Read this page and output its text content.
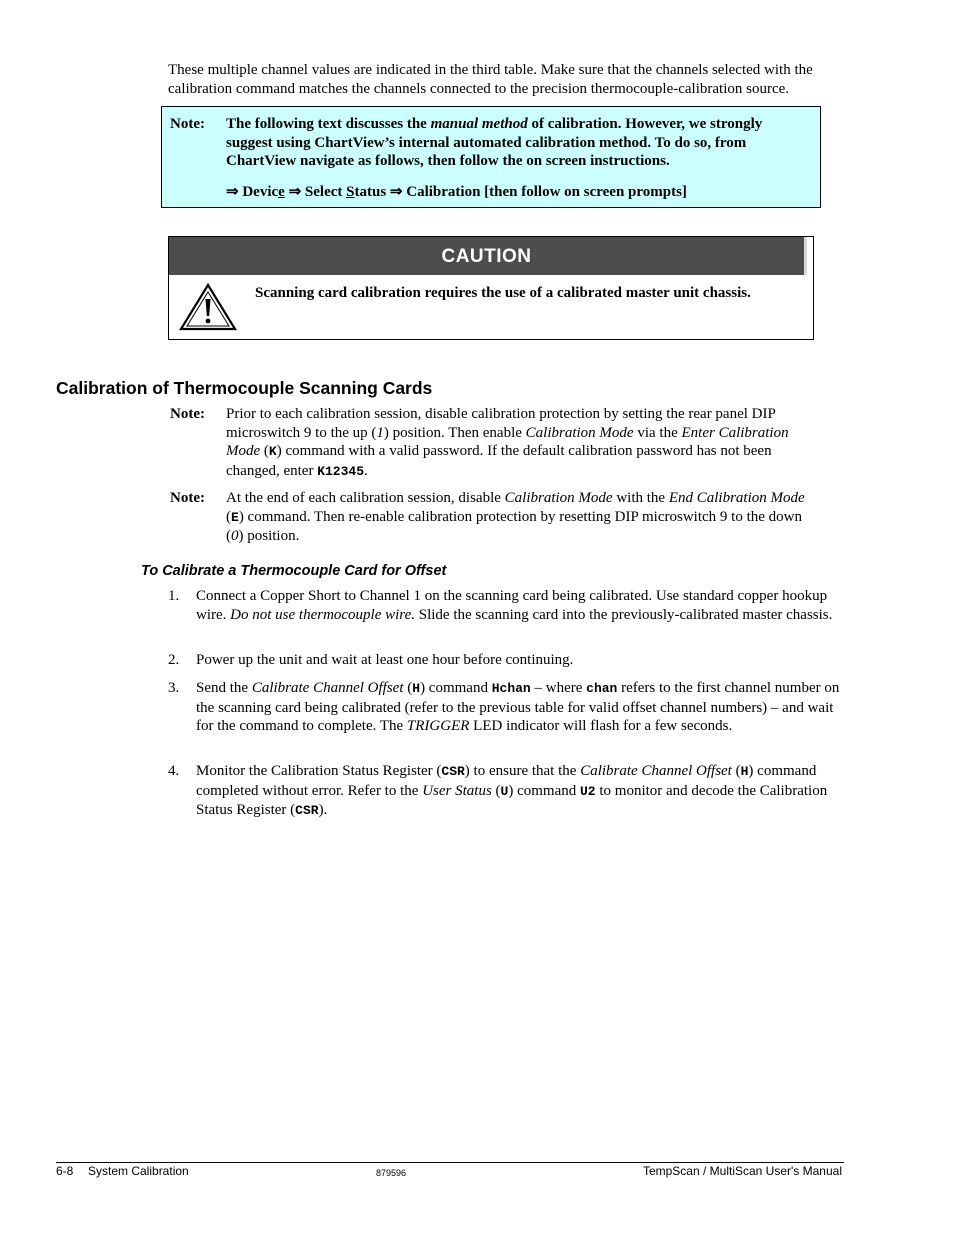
These multiple channel values are indicated in the third table. Make sure that the channels selected with the calibration command matches the channels connected to the precision thermocouple-calibration source.

Note: The following text discusses the manual method of calibration. However, we strongly suggest using ChartView’s internal automated calibration method. To do so, from ChartView navigate as follows, then follow the on screen instructions.

⇒ Device ⇒ Select Status ⇒ Calibration [then follow on screen prompts]

CAUTION

Scanning card calibration requires the use of a calibrated master unit chassis.

Calibration of Thermocouple Scanning Cards
Note: Prior to each calibration session, disable calibration protection by setting the rear panel DIP microswitch 9 to the up (1) position. Then enable Calibration Mode via the Enter Calibration Mode (K) command with a valid password. If the default calibration password has not been changed, enter K12345.

Note: At the end of each calibration session, disable Calibration Mode with the End Calibration Mode (E) command. Then re-enable calibration protection by resetting DIP microswitch 9 to the down (0) position.

To Calibrate a Thermocouple Card for Offset
1. Connect a Copper Short to Channel 1 on the scanning card being calibrated. Use standard copper hookup wire. Do not use thermocouple wire. Slide the scanning card into the previously-calibrated master chassis.

2. Power up the unit and wait at least one hour before continuing.

3. Send the Calibrate Channel Offset (H) command Hchan – where chan refers to the first channel number on the scanning card being calibrated (refer to the previous table for valid offset channel numbers) – and wait for the command to complete. The TRIGGER LED indicator will flash for a few seconds.

4. Monitor the Calibration Status Register (CSR) to ensure that the Calibrate Channel Offset (H) command completed without error. Refer to the User Status (U) command U2 to monitor and decode the Calibration Status Register (CSR).

6-8 System Calibration	879596	TempScan / MultiScan User's Manual
